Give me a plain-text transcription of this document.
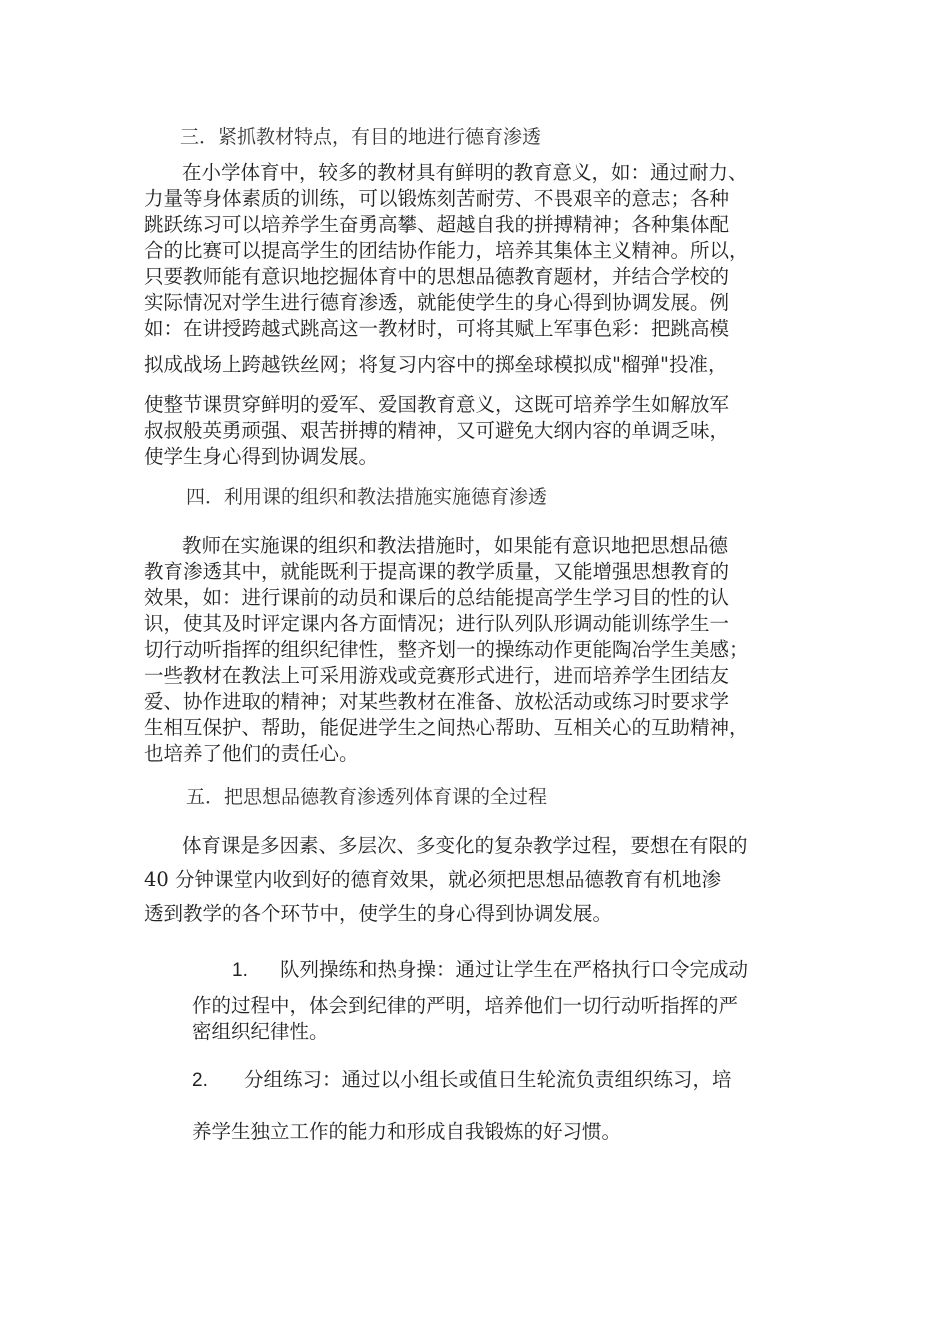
三．紧抓教材特点，有目的地进行德育渗透
在小学体育中，较多的教材具有鲜明的教育意义，如：通过耐力、
力量等身体素质的训练，可以锻炼刻苦耐劳、不畏艰辛的意志；各种
跳跃练习可以培养学生奋勇高攀、超越自我的拼搏精神；各种集体配
合的比赛可以提高学生的团结协作能力，培养其集体主义精神。所以，
只要教师能有意识地挖掘体育中的思想品德教育题材，并结合学校的
实际情况对学生进行德育渗透，就能使学生的身心得到协调发展。例
如：在讲授跨越式跳高这一教材时，可将其赋上军事色彩：把跳高模
拟成战场上跨越铁丝网；将复习内容中的掷垒球模拟成"榴弹"投准，
使整节课贯穿鲜明的爱军、爱国教育意义，这既可培养学生如解放军
叔叔般英勇顽强、艰苦拼搏的精神，又可避免大纲内容的单调乏味，
使学生身心得到协调发展。
四．利用课的组织和教法措施实施德育渗透
教师在实施课的组织和教法措施时，如果能有意识地把思想品德
教育渗透其中，就能既利于提高课的教学质量，又能增强思想教育的
效果，如：进行课前的动员和课后的总结能提高学生学习目的性的认
识，使其及时评定课内各方面情况；进行队列队形调动能训练学生一
切行动听指挥的组织纪律性，整齐划一的操练动作更能陶冶学生美感；
一些教材在教法上可采用游戏或竞赛形式进行，进而培养学生团结友
爱、协作进取的精神；对某些教材在准备、放松活动或练习时要求学
生相互保护、帮助，能促进学生之间热心帮助、互相关心的互助精神，
也培养了他们的责任心。
五．把思想品德教育渗透列体育课的全过程
体育课是多因素、多层次、多变化的复杂教学过程，要想在有限的
40 分钟课堂内收到好的德育效果，就必须把思想品德教育有机地渗
透到教学的各个环节中，使学生的身心得到协调发展。
1. 队列操练和热身操：通过让学生在严格执行口令完成动
作的过程中，体会到纪律的严明，培养他们一切行动听指挥的严
密组织纪律性。
2. 分组练习：通过以小组长或值日生轮流负责组织练习，培
养学生独立工作的能力和形成自我锻炼的好习惯。
